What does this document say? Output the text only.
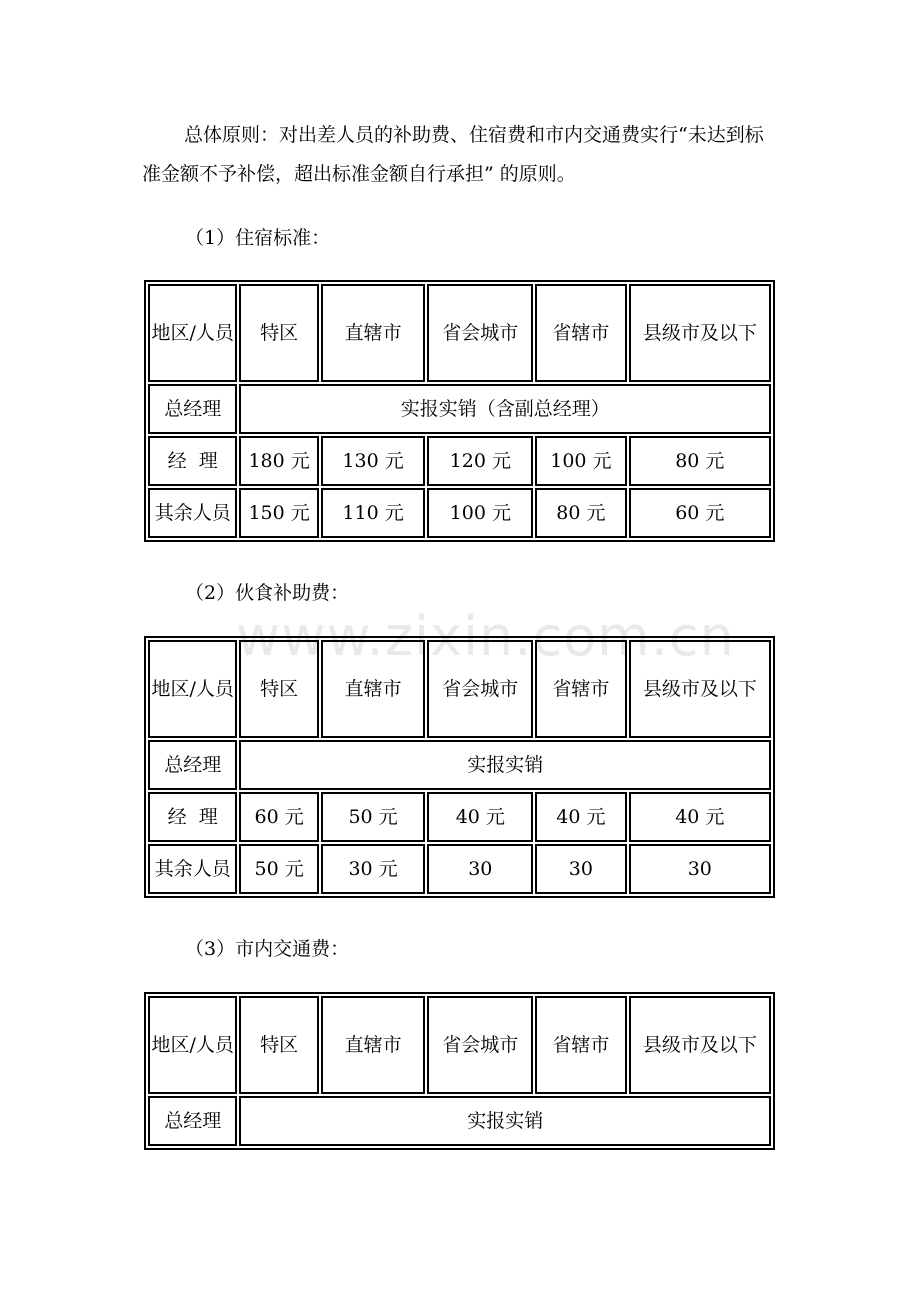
总体原则：对出差人员的补助费、住宿费和市内交通费实行“未达到标准金额不予补偿，超出标准金额自行承担” 的原则。

（1）住宿标准：

地区/人员	特区	直辖市	省会城市	省辖市	县级市及以下
总经理	实报实销（含副总经理）				
经  理	180 元	130 元	120 元	100 元	80 元
其余人员	150 元	110 元	100 元	80 元	60 元
www.zixin.com.cn

（2）伙食补助费：

地区/人员	特区	直辖市	省会城市	省辖市	县级市及以下
总经理	实报实销				
经  理	60 元	50 元	40 元	40 元	40 元
其余人员	50 元	30 元	30	30	30

（3）市内交通费：

地区/人员	特区	直辖市	省会城市	省辖市	县级市及以下
总经理	实报实销				
